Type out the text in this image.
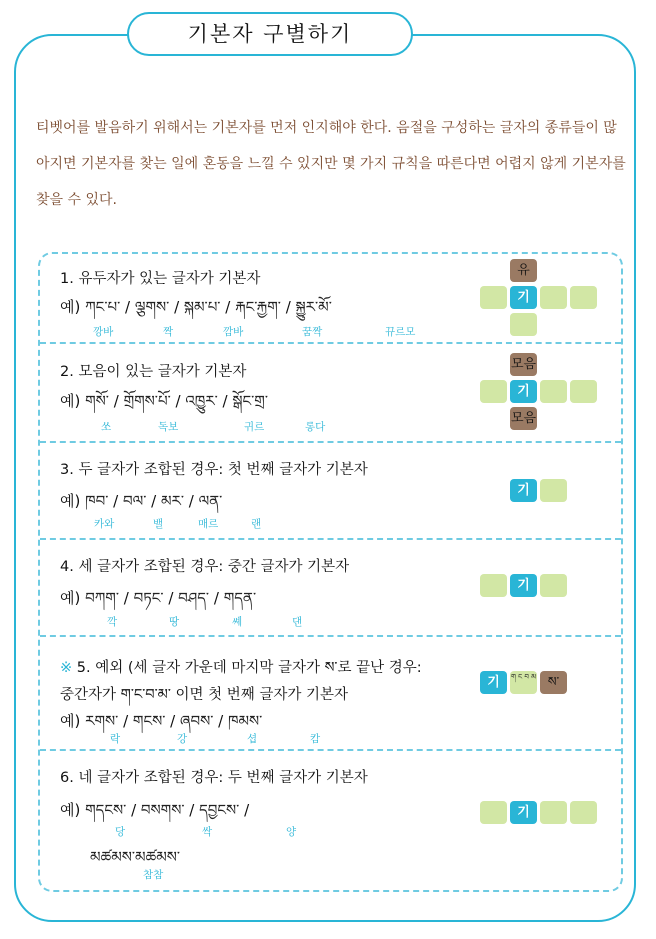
기본자 구별하기
티벳어를 발음하기 위해서는 기본자를 먼저 인지해야 한다. 음절을 구성하는 글자의 종류들이 많아지면 기본자를 찾는 일에 혼동을 느낄 수 있지만 몇 가지 규칙을 따른다면 어렵지 않게 기본자를 찾을 수 있다.
1. 유두자가 있는 글자가 기본자
예) ཀང་པ་ / ལྕགས་ / སྐམ་པ་ / རྐང་རྐྱག་ / སྐྱུར་མོ་
깡바	짝	깜바	꿈짝	뀨르모
유
기
2. 모음이 있는 글자가 기본자
예) གསོ་ / གྲོགས་པོ་ / འཁྱུར་ / སྒོང་གྲ་
쏘	독보	귀르	롱다
모음
기
모음
3. 두 글자가 조합된 경우: 첫 번째 글자가 기본자
예) ཁབ་ / བལ་ / མར་ / ལན་
카와	밸	매르	랜
기
4. 세 글자가 조합된 경우: 중간 글자가 기본자
예) བཀག་ / བཏང་ / བཤད་ / གདན་
깍	땅	쎼	댄
기
※ 5. 예외 (세 글자 가운데 마지막 글자가 ས་로 끝난 경우:
중간자가 ག་ང་བ་མ་ 이면 첫 번째 글자가 기본자
예) རགས་ / གངས་ / ཞབས་ / ཁམས་
락	강	셥	캄
기	ག ང བ མ ས་
6. 네 글자가 조합된 경우: 두 번째 글자가 기본자
예) གདངས་ / བསགས་ / དབྱངས་ /
당	싹	양
མཚམས་མཚམས་
참참
기
